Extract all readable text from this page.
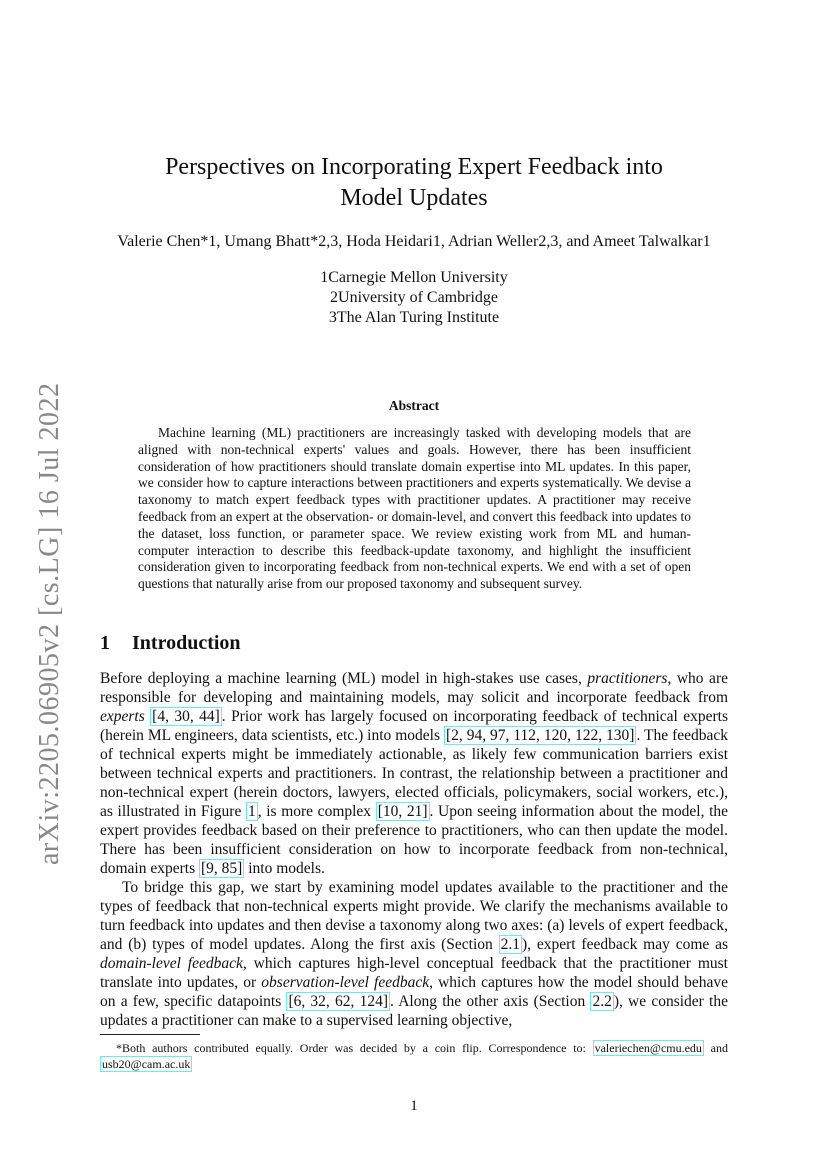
arXiv:2205.06905v2 [cs.LG] 16 Jul 2022
Perspectives on Incorporating Expert Feedback into
Model Updates
Valerie Chen*1, Umang Bhatt*2,3, Hoda Heidari1, Adrian Weller2,3, and Ameet Talwalkar1
1Carnegie Mellon University
2University of Cambridge
3The Alan Turing Institute
Abstract

Machine learning (ML) practitioners are increasingly tasked with developing models that are aligned with non-technical experts' values and goals. However, there has been insufficient consideration of how practitioners should translate domain expertise into ML updates. In this paper, we consider how to capture interactions between practitioners and experts systematically. We devise a taxonomy to match expert feedback types with practitioner updates. A practitioner may receive feedback from an expert at the observation- or domain-level, and convert this feedback into updates to the dataset, loss function, or parameter space. We review existing work from ML and human-computer interaction to describe this feedback-update taxonomy, and highlight the insufficient consideration given to incorporating feedback from non-technical experts. We end with a set of open questions that naturally arise from our proposed taxonomy and subsequent survey.

1 Introduction

Before deploying a machine learning (ML) model in high-stakes use cases, practitioners, who are responsible for developing and maintaining models, may solicit and incorporate feedback from experts [4, 30, 44] . Prior work has largely focused on incorporating feedback of technical experts (herein ML engineers, data scientists, etc.) into models [2, 94, 97, 112, 120, 122, 130] . The feedback of technical experts might be immediately actionable, as likely few communication barriers exist between technical experts and practitioners. In contrast, the relationship between a practitioner and non-technical expert (herein doctors, lawyers, elected officials, policymakers, social workers, etc.), as illustrated in Figure 1 , is more complex [10, 21] . Upon seeing information about the model, the expert provides feedback based on their preference to practitioners, who can then update the model. There has been insufficient consideration on how to incorporate feedback from non-technical, domain experts [9, 85] into models.

To bridge this gap, we start by examining model updates available to the practitioner and the types of feedback that non-technical experts might provide. We clarify the mechanisms available to turn feedback into updates and then devise a taxonomy along two axes: (a) levels of expert feedback, and (b) types of model updates. Along the first axis (Section 2.1 ), expert feedback may come as domain-level feedback, which captures high-level conceptual feedback that the practitioner must translate into updates, or observation-level feedback, which captures how the model should behave on a few, specific datapoints [6, 32, 62, 124] . Along the other axis (Section 2.2 ), we consider the updates a practitioner can make to a supervised learning objective,

*Both authors contributed equally. Order was decided by a coin flip. Correspondence to: valeriechen@cmu.edu and usb20@cam.ac.uk

1
